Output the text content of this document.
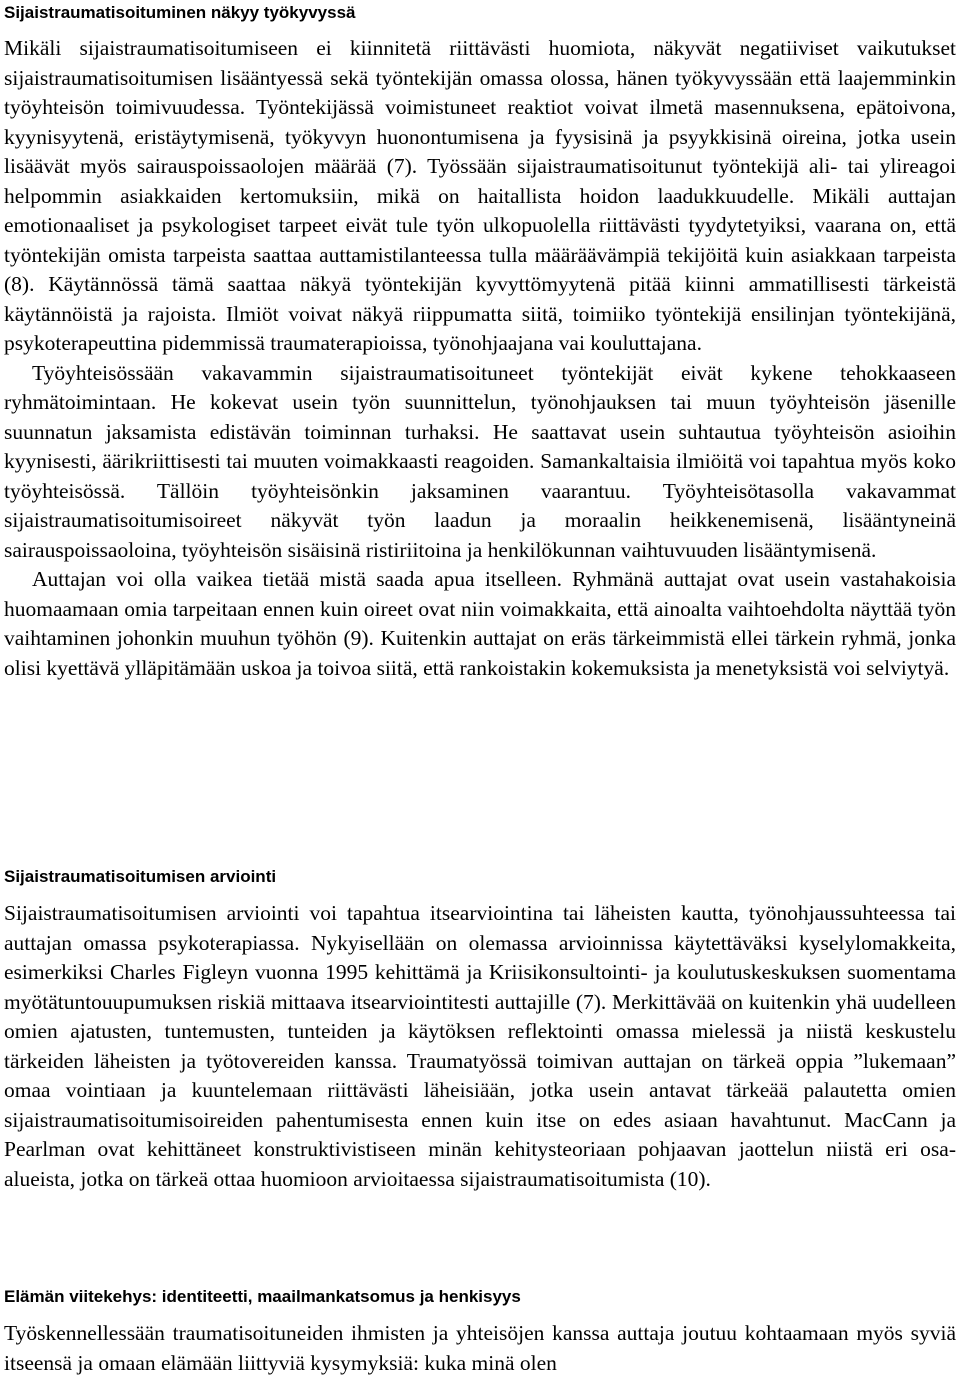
Sijaistraumatisoituminen näkyy työkyvyssä

Mikäli sijaistraumatisoitumiseen ei kiinnitetä riittävästi huomiota, näkyvät negatiiviset vaikutukset sijaistraumatisoitumisen lisääntyessä sekä työntekijän omassa olossa, hänen työkyvyssään että laajemminkin työyhteisön toimivuudessa. Työntekijässä voimistuneet reaktiot voivat ilmetä masennuksena, epätoivona, kyynisyytenä, eristäytymisenä, työkyvyn huonontumisena ja fyysisinä ja psyykkisinä oireina, jotka usein lisäävät myös sairauspoissaolojen määrää (7). Työssään sijaistraumatisoitunut työntekijä ali- tai ylireagoi helpommin asiakkaiden kertomuksiin, mikä on haitallista hoidon laadukkuudelle. Mikäli auttajan emotionaaliset ja psykologiset tarpeet eivät tule työn ulkopuolella riittävästi tyydytetyiksi, vaarana on, että työntekijän omista tarpeista saattaa auttamistilanteessa tulla määräävämpiä tekijöitä kuin asiakkaan tarpeista (8). Käytännössä tämä saattaa näkyä työntekijän kyvyttömyytenä pitää kiinni ammatillisesti tärkeistä käytännöistä ja rajoista. Ilmiöt voivat näkyä riippumatta siitä, toimiiko työntekijä ensilinjan työntekijänä, psykoterapeuttina pidemmissä traumaterapioissa, työnohjaajana vai kouluttajana.

Työyhteisössään vakavammin sijaistraumatisoituneet työntekijät eivät kykene tehokkaaseen ryhmätoimintaan. He kokevat usein työn suunnittelun, työnohjauksen tai muun työyhteisön jäsenille suunnatun jaksamista edistävän toiminnan turhaksi. He saattavat usein suhtautua työyhteisön asioihin kyynisesti, äärikriittisesti tai muuten voimakkaasti reagoiden. Samankaltaisia ilmiöitä voi tapahtua myös koko työyhteisössä. Tällöin työyhteisönkin jaksaminen vaarantuu. Työyhteisötasolla vakavammat sijaistraumatisoitumisoireet näkyvät työn laadun ja moraalin heikkenemisenä, lisääntyneinä sairauspoissaoloina, työyhteisön sisäisinä ristiriitoina ja henkilökunnan vaihtuvuuden lisääntymisenä.

Auttajan voi olla vaikea tietää mistä saada apua itselleen. Ryhmänä auttajat ovat usein vastahakoisia huomaamaan omia tarpeitaan ennen kuin oireet ovat niin voimakkaita, että ainoalta vaihtoehdolta näyttää työn vaihtaminen johonkin muuhun työhön (9). Kuitenkin auttajat on eräs tärkeimmistä ellei tärkein ryhmä, jonka olisi kyettävä ylläpitämään uskoa ja toivoa siitä, että rankoistakin kokemuksista ja menetyksistä voi selviytyä.

Sijaistraumatisoitumisen arviointi

Sijaistraumatisoitumisen arviointi voi tapahtua itsearviointina tai läheisten kautta, työnohjaussuhteessa tai auttajan omassa psykoterapiassa. Nykyisellään on olemassa arvioinnissa käytettäväksi kyselylomakkeita, esimerkiksi Charles Figleyn vuonna 1995 kehittämä ja Kriisikonsultointi- ja koulutuskeskuksen suomentama myötätuntouupumuksen riskiä mittaava itsearviointitesti auttajille (7). Merkittävää on kuitenkin yhä uudelleen omien ajatusten, tuntemusten, tunteiden ja käytöksen reflektointi omassa mielessä ja niistä keskustelu tärkeiden läheisten ja työtovereiden kanssa. Traumatyössä toimivan auttajan on tärkeä oppia ”lukemaan” omaa vointiaan ja kuuntelemaan riittävästi läheisiään, jotka usein antavat tärkeää palautetta omien sijaistraumatisoitumisoireiden pahentumisesta ennen kuin itse on edes asiaan havahtunut. MacCann ja Pearlman ovat kehittäneet konstruktivistiseen minän kehitysteoriaan pohjaavan jaottelun niistä eri osa-alueista, jotka on tärkeä ottaa huomioon arvioitaessa sijaistraumatisoitumista (10).

Elämän viitekehys: identiteetti, maailmankatsomus ja henkisyys

Työskennellessään traumatisoituneiden ihmisten ja yhteisöjen kanssa auttaja joutuu kohtaamaan myös syviä itseensä ja omaan elämään liittyviä kysymyksiä: kuka minä olen
